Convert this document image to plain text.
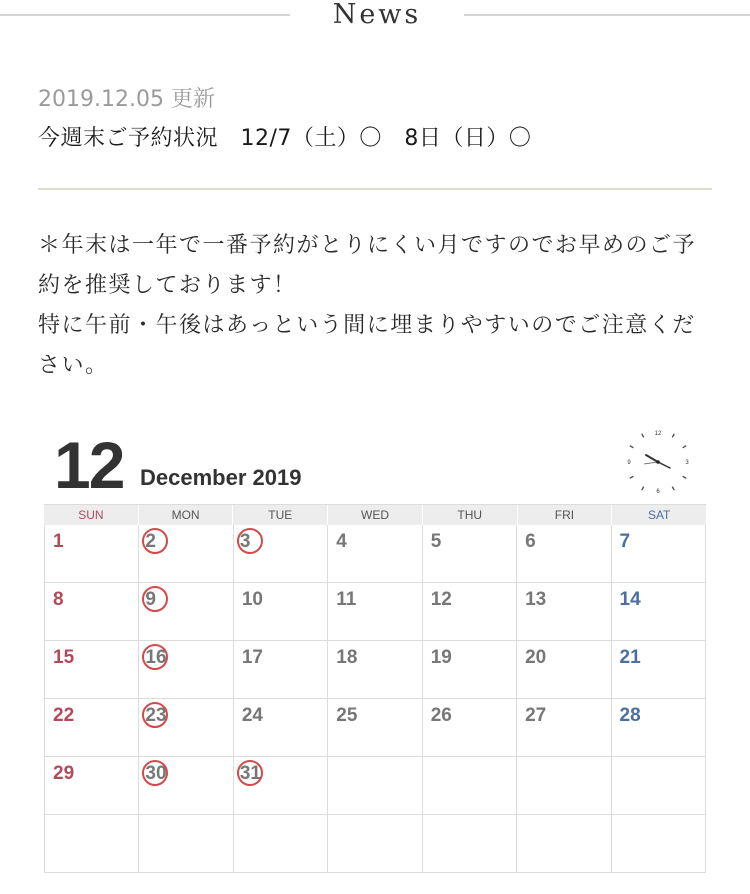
News
2019.12.05 更新
今週末ご予約状況　12/7（土）〇　8日（日）〇

＊年末は一年で一番予約がとりにくい月ですのでお早めのご予約を推奨しております！

特に午前・午後はあっという間に埋まりやすいのでご注意ください。

12 December 2019
12
3
6
9
SUN	MON	TUE	WED	THU	FRI	SAT
1	2	3	4	5	6	7
8	9	10	11	12	13	14
15	16	17	18	19	20	21
22	23	24	25	26	27	28
29	30	31
